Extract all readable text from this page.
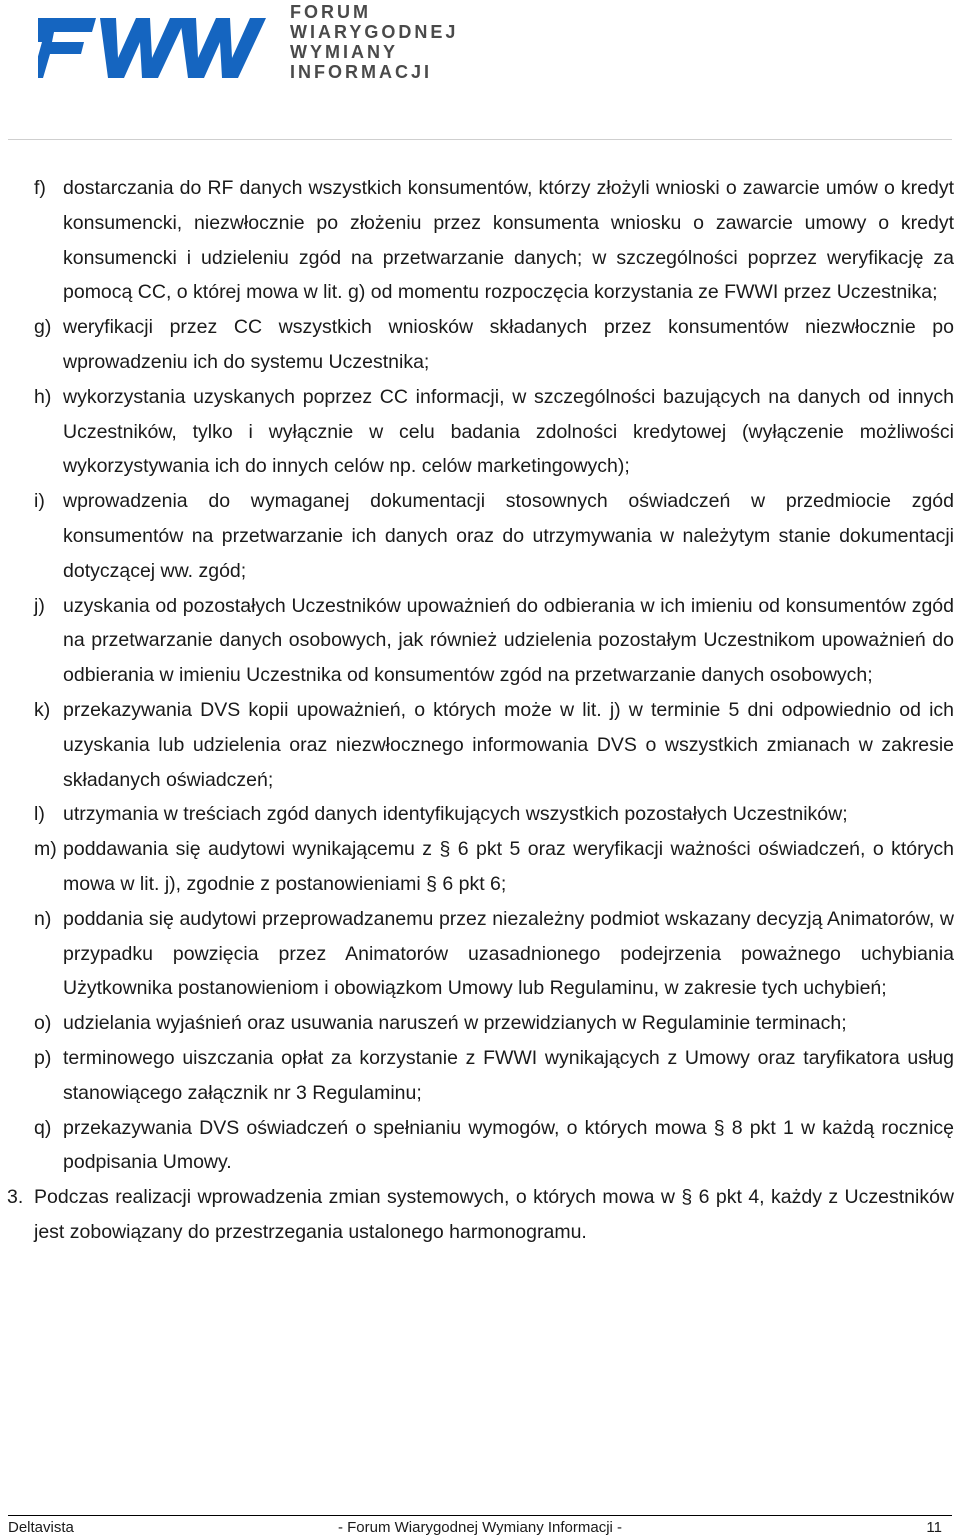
FORUM
WIARYGODNEJ
WYMIANY
INFORMACJI
f) dostarczania do RF danych wszystkich konsumentów, którzy złożyli wnioski o zawarcie umów o kredyt konsumencki, niezwłocznie po złożeniu przez konsumenta wniosku o zawarcie umowy o kredyt konsumencki i udzieleniu zgód na przetwarzanie danych; w szczególności poprzez weryfikację za pomocą CC, o której mowa w lit. g) od momentu rozpoczęcia korzystania ze FWWI przez Uczestnika;
g) weryfikacji przez CC wszystkich wniosków składanych przez konsumentów niezwłocznie po wprowadzeniu ich do systemu Uczestnika;
h) wykorzystania uzyskanych poprzez CC informacji, w szczególności bazujących na danych od innych Uczestników, tylko i wyłącznie w celu badania zdolności kredytowej (wyłączenie możliwości wykorzystywania ich do innych celów np. celów marketingowych);
i) wprowadzenia do wymaganej dokumentacji stosownych oświadczeń w przedmiocie zgód konsumentów na przetwarzanie ich danych oraz do utrzymywania w należytym stanie dokumentacji dotyczącej ww. zgód;
j) uzyskania od pozostałych Uczestników upoważnień do odbierania w ich imieniu od konsumentów zgód na przetwarzanie danych osobowych, jak również udzielenia pozostałym Uczestnikom upoważnień do odbierania w imieniu Uczestnika od konsumentów zgód na przetwarzanie danych osobowych;
k) przekazywania DVS kopii upoważnień, o których może w lit. j) w terminie 5 dni odpowiednio od ich uzyskania lub udzielenia oraz niezwłocznego informowania DVS o wszystkich zmianach w zakresie składanych oświadczeń;
l) utrzymania w treściach zgód danych identyfikujących wszystkich pozostałych Uczestników;
m) poddawania się audytowi wynikającemu z § 6 pkt 5 oraz weryfikacji ważności oświadczeń, o których mowa w lit. j), zgodnie z postanowieniami § 6 pkt 6;
n) poddania się audytowi przeprowadzanemu przez niezależny podmiot wskazany decyzją Animatorów, w przypadku powzięcia przez Animatorów uzasadnionego podejrzenia poważnego uchybiania Użytkownika postanowieniom i obowiązkom Umowy lub Regulaminu, w zakresie tych uchybień;
o) udzielania wyjaśnień oraz usuwania naruszeń w przewidzianych w Regulaminie terminach;
p) terminowego uiszczania opłat za korzystanie z FWWI wynikających z Umowy oraz taryfikatora usług stanowiącego załącznik nr 3 Regulaminu;
q) przekazywania DVS oświadczeń o spełnianiu wymogów, o których mowa § 8 pkt 1 w każdą rocznicę podpisania Umowy.
3. Podczas realizacji wprowadzenia zmian systemowych, o których mowa w § 6 pkt 4, każdy z Uczestników jest zobowiązany do przestrzegania ustalonego harmonogramu.
Deltavista	- Forum Wiarygodnej Wymiany Informacji -	11
